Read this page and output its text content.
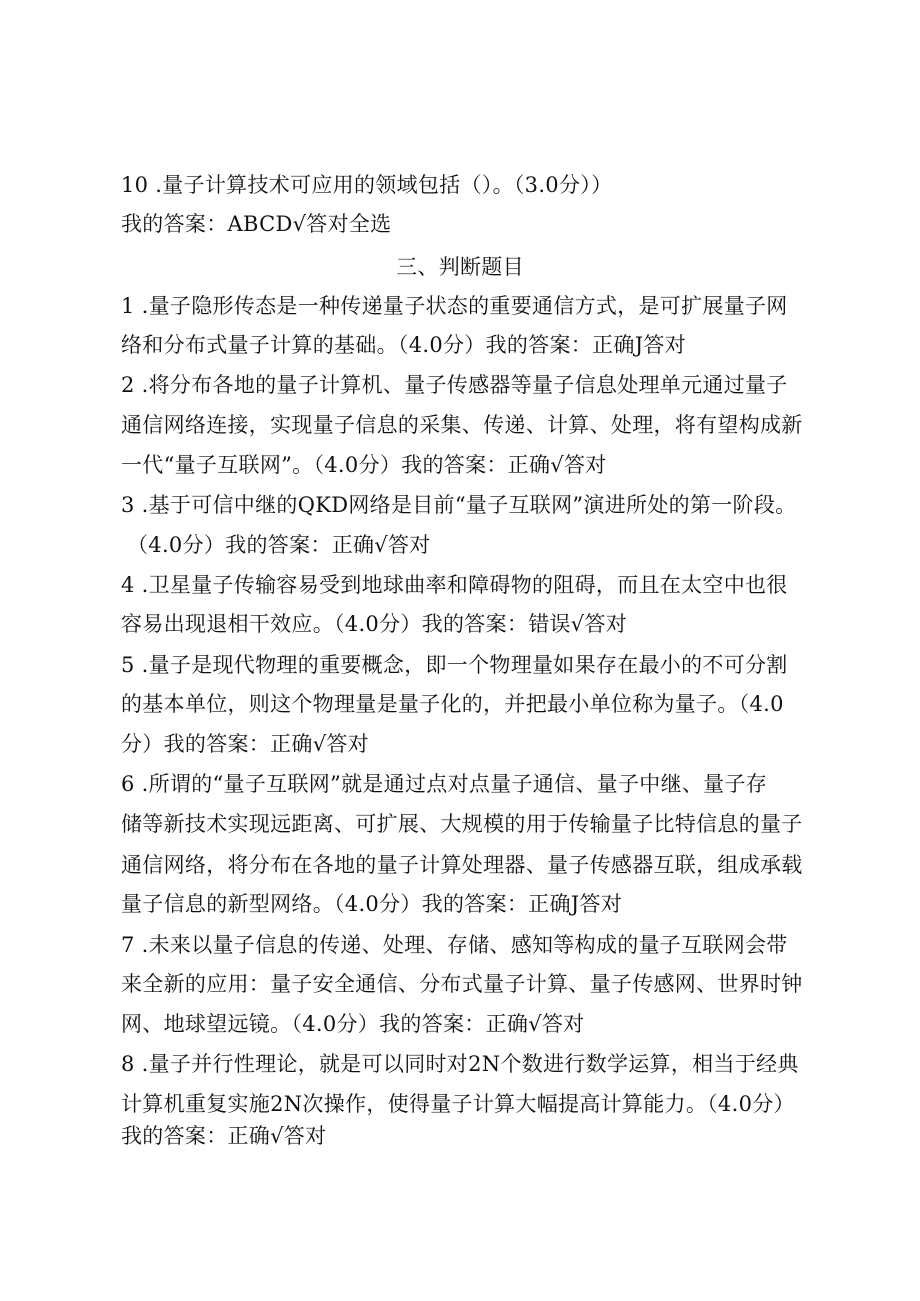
10 .量子计算技术可应用的领域包括（）。（3.0分））
我的答案：ABCD√答对全选
三、判断题目
1 .量子隐形传态是一种传递量子状态的重要通信方式，是可扩展量子网
络和分布式量子计算的基础。（4.0分）我的答案：正确J答对
2 .将分布各地的量子计算机、量子传感器等量子信息处理单元通过量子
通信网络连接，实现量子信息的采集、传递、计算、处理，将有望构成新
一代“量子互联网”。（4.0分）我的答案：正确√答对
3 .基于可信中继的QKD网络是目前“量子互联网”演进所处的第一阶段。
（4.0分）我的答案：正确√答对
4 .卫星量子传输容易受到地球曲率和障碍物的阻碍，而且在太空中也很
容易出现退相干效应。（4.0分）我的答案：错误√答对
5 .量子是现代物理的重要概念，即一个物理量如果存在最小的不可分割
的基本单位，则这个物理量是量子化的，并把最小单位称为量子。（4.0
分）我的答案：正确√答对
6 .所谓的“量子互联网”就是通过点对点量子通信、量子中继、量子存
储等新技术实现远距离、可扩展、大规模的用于传输量子比特信息的量子
通信网络，将分布在各地的量子计算处理器、量子传感器互联，组成承载
量子信息的新型网络。（4.0分）我的答案：正确J答对
7 .未来以量子信息的传递、处理、存储、感知等构成的量子互联网会带
来全新的应用：量子安全通信、分布式量子计算、量子传感网、世界时钟
网、地球望远镜。（4.0分）我的答案：正确√答对
8 .量子并行性理论，就是可以同时对2N个数进行数学运算，相当于经典
计算机重复实施2N次操作，使得量子计算大幅提高计算能力。（4.0分）
我的答案：正确√答对
